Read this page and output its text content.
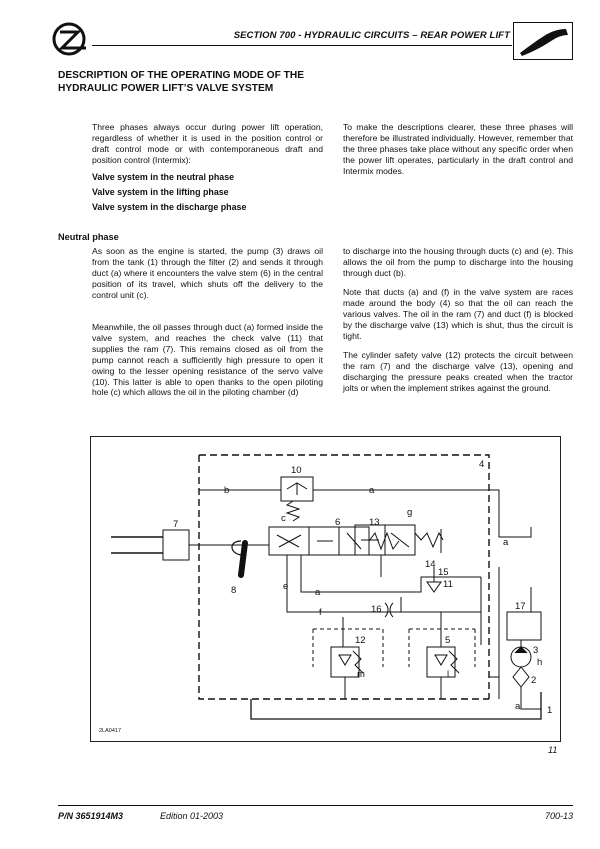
SECTION 700 - HYDRAULIC CIRCUITS – REAR POWER LIFT
DESCRIPTION OF THE OPERATING MODE OF THE HYDRAULIC POWER LIFT’S VALVE SYSTEM
Three phases always occur during power lift operation, regardless of whether it is used in the position control or draft control mode or with contemporaneous draft and position control (Intermix):
Valve system in the neutral phase
Valve system in the lifting phase
Valve system in the discharge phase
To make the descriptions clearer, these three phases will therefore be illustrated individually. However, remember that the three phases take place without any specific order when the power lift operates, particularly in the draft control and Intermix modes.
Neutral phase
As soon as the engine is started, the pump (3) draws oil from the tank (1) through the filter (2) and sends it through duct (a) where it encounters the valve stem (6) in the central position of its travel, which shuts off the delivery to the control unit (c).
Meanwhile, the oil passes through duct (a) formed inside the valve system, and reaches the check valve (11) that supplies the ram (7). This remains closed as oil from the pump cannot reach a sufficiently high pressure to open it owing to the lesser opening resistance of the servo valve (10). This latter is able to open thanks to the open piloting hole (c) which allows the oil in the piloting chamber (d)
to discharge into the housing through ducts (c) and (e). This allows the oil from the pump to discharge into the housing through duct (b).
Note that ducts (a) and (f) in the valve system are races made around the body (4) so that the oil can reach the various valves. The oil in the ram (7) and duct (f) is blocked by the discharge valve (13) which is shut, thus the circuit is tight.
The cylinder safety valve (12) protects the circuit between the ram (7) and the discharge valve (13), opening and discharging the pressure peaks created when the tractor jolts or when the implement strikes against the ground.
10
b	a
4
g
c	6	13
7
a
14
15
11
e
8	a
f	16	17
12	5
3
h
2
m	l
a	1
2LA0417
11
P/N 3651914M3	Edition 01-2003	700-13
